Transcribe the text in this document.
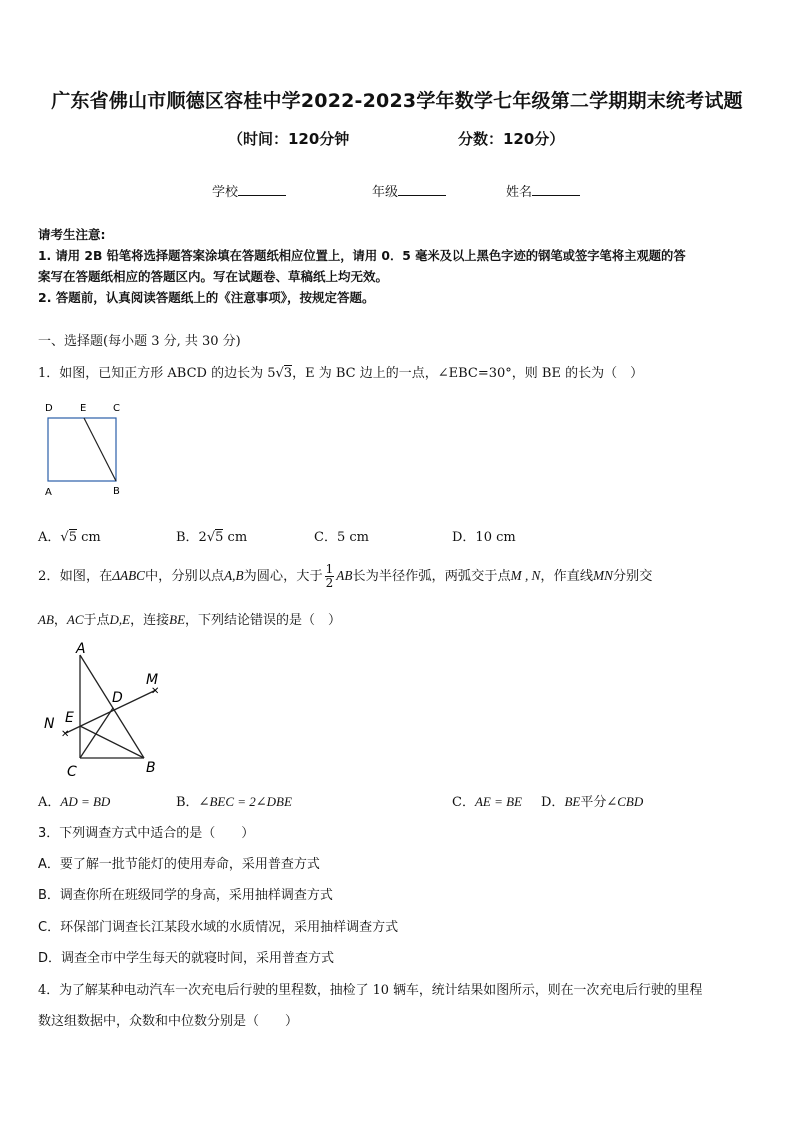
广东省佛山市顺德区容桂中学2022-2023学年数学七年级第二学期期末统考试题
（时间：120分钟	分数：120分）
学校	年级	姓名
请考生注意:
1. 请用 2B 铅笔将选择题答案涂填在答题纸相应位置上，请用 0．5 毫米及以上黑色字迹的钢笔或签字笔将主观题的答
案写在答题纸相应的答题区内。写在试题卷、草稿纸上均无效。
2. 答题前，认真阅读答题纸上的《注意事项》，按规定答题。
一、选择题(每小题 3 分, 共 30 分)
1．如图，已知正方形 ABCD 的边长为 5√3，E 为 BC 边上的一点，∠EBC=30°，则 BE 的长为（　）
D	E	C
A	B
A．√5 cm	B．2√5 cm	C．5 cm	D．10 cm
2．如图，在ΔABC中，分别以点A,B为圆心，大于 $\frac{1}{2}$ AB长为半径作弧，两弧交于点M , N，作直线MN分别交
AB，AC于点D,E，连接BE，下列结论错误的是（　）
✕
✕
A
M
D
N E
C	B
A．AD = BD	B．∠BEC = 2∠DBE	C．AE = BE D．BE平分∠CBD
3．下列调查方式中适合的是（　　）
A．要了解一批节能灯的使用寿命，采用普查方式
B．调查你所在班级同学的身高，采用抽样调查方式
C．环保部门调查长江某段水域的水质情况，采用抽样调查方式
D．调查全市中学生每天的就寝时间，采用普查方式
4．为了解某种电动汽车一次充电后行驶的里程数，抽检了 10 辆车，统计结果如图所示，则在一次充电后行驶的里程
数这组数据中，众数和中位数分别是（　　）
